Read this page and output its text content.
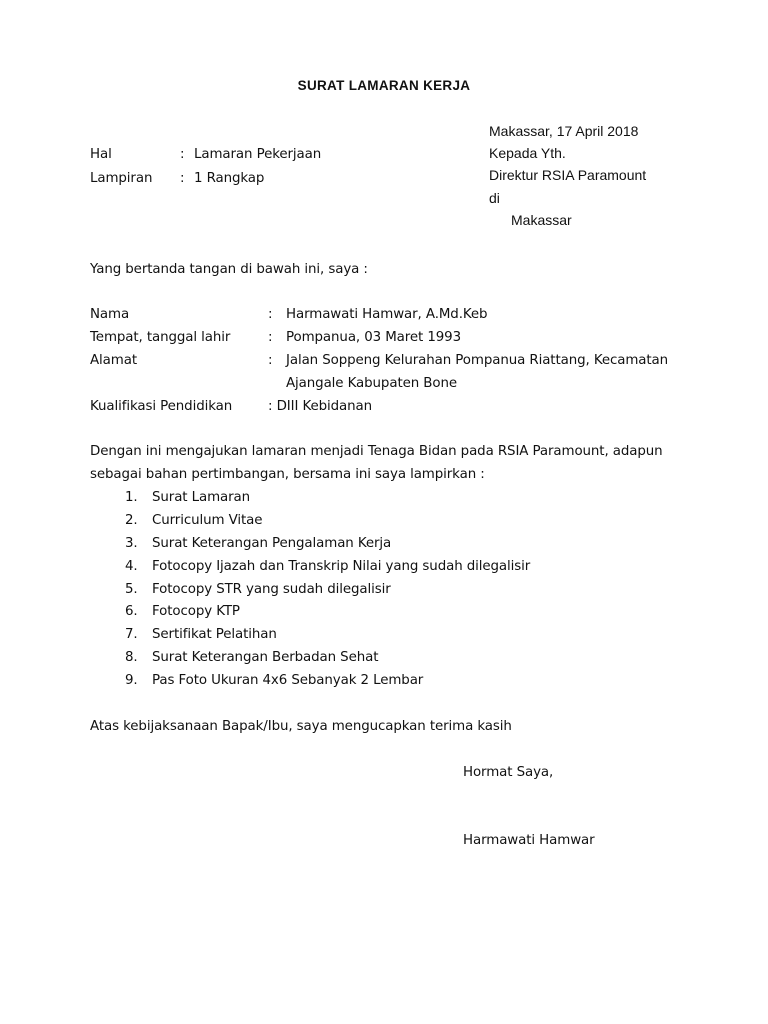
SURAT LAMARAN KERJA
Makassar, 17 April 2018
Kepada Yth.
Direktur RSIA Paramount
di
Makassar
Hal	: Lamaran Pekerjaan
Lampiran : 1 Rangkap
Yang bertanda tangan di bawah ini, saya :
Nama	: Harmawati Hamwar, A.Md.Keb
Tempat, tanggal lahir	: Pompanua, 03 Maret 1993
Alamat	: Jalan Soppeng Kelurahan Pompanua Riattang, Kecamatan
Ajangale Kabupaten Bone
Kualifikasi Pendidikan	: DIII Kebidanan
Dengan ini mengajukan lamaran menjadi Tenaga Bidan pada RSIA Paramount, adapun
sebagai bahan pertimbangan, bersama ini saya lampirkan :
1. Surat Lamaran
2. Curriculum Vitae
3. Surat Keterangan Pengalaman Kerja
4. Fotocopy Ijazah dan Transkrip Nilai yang sudah dilegalisir
5. Fotocopy STR yang sudah dilegalisir
6. Fotocopy KTP
7. Sertifikat Pelatihan
8. Surat Keterangan Berbadan Sehat
9. Pas Foto Ukuran 4x6 Sebanyak 2 Lembar
Atas kebijaksanaan Bapak/Ibu, saya mengucapkan terima kasih
Hormat Saya,
Harmawati Hamwar
